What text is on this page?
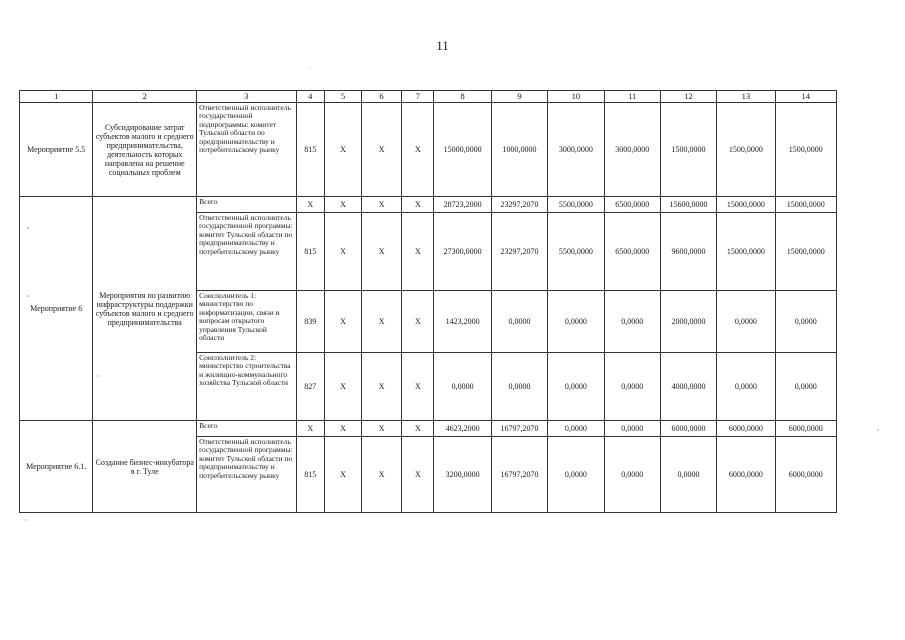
11
1	2	3	4	5	6	7	8	9	10	11	12	13	14
Мероприятие 5.5	Субсидирование затрат субъектов малого и среднего предпринимательства, деятельность которых направлена на решение социальных проблем	Ответственный исполнитель государственной подпрограммы: комитет Тульской области по предпринимательству и потребительскому рынку	815	X	X	X	15000,0000	1000,0000	3000,0000	3000,0000	1500,0000	1500,0000	1500,0000
Мероприятие 6	Мероприятия по развитию инфраструктуры поддержки субъектов малого и среднего предпринимательства	Всего	X	X	X	X	28723,2000	23297,2070	5500,0000	6500,0000	15600,0000	15000,0000	15000,0000
		Ответственный исполнитель государственной программы: комитет Тульской области по предпринимательству и потребительскому рынку	815	X	X	X	27300,0000	23297,2070	5500,0000	6500,0000	9600,0000	15000,0000	15000,0000
		Соисполнитель 1: министерство по информатизации, связи и вопросам открытого управления Тульской области	839	X	X	X	1423,2000	0,0000	0,0000	0,0000	2000,0000	0,0000	0,0000
		Соисполнитель 2: министерство строительства и жилищно-коммунального хозяйства Тульской области	827	X	X	X	0,0000	0,0000	0,0000	0,0000	4000,0000	0,0000	0,0000
Мероприятие 6.1.	Создание бизнес-инкубатора в г. Туле	Всего	X	X	X	X	4623,2000	16797,2070	0,0000	0,0000	6000,0000	6000,0000	6000,0000
		Ответственный исполнитель государственной программы: комитет Тульской области по предпринимательству и потребительскому рынку	815	X	X	X	3200,0000	16797,2070	0,0000	0,0000	0,0000	6000,0000	6000,0000
